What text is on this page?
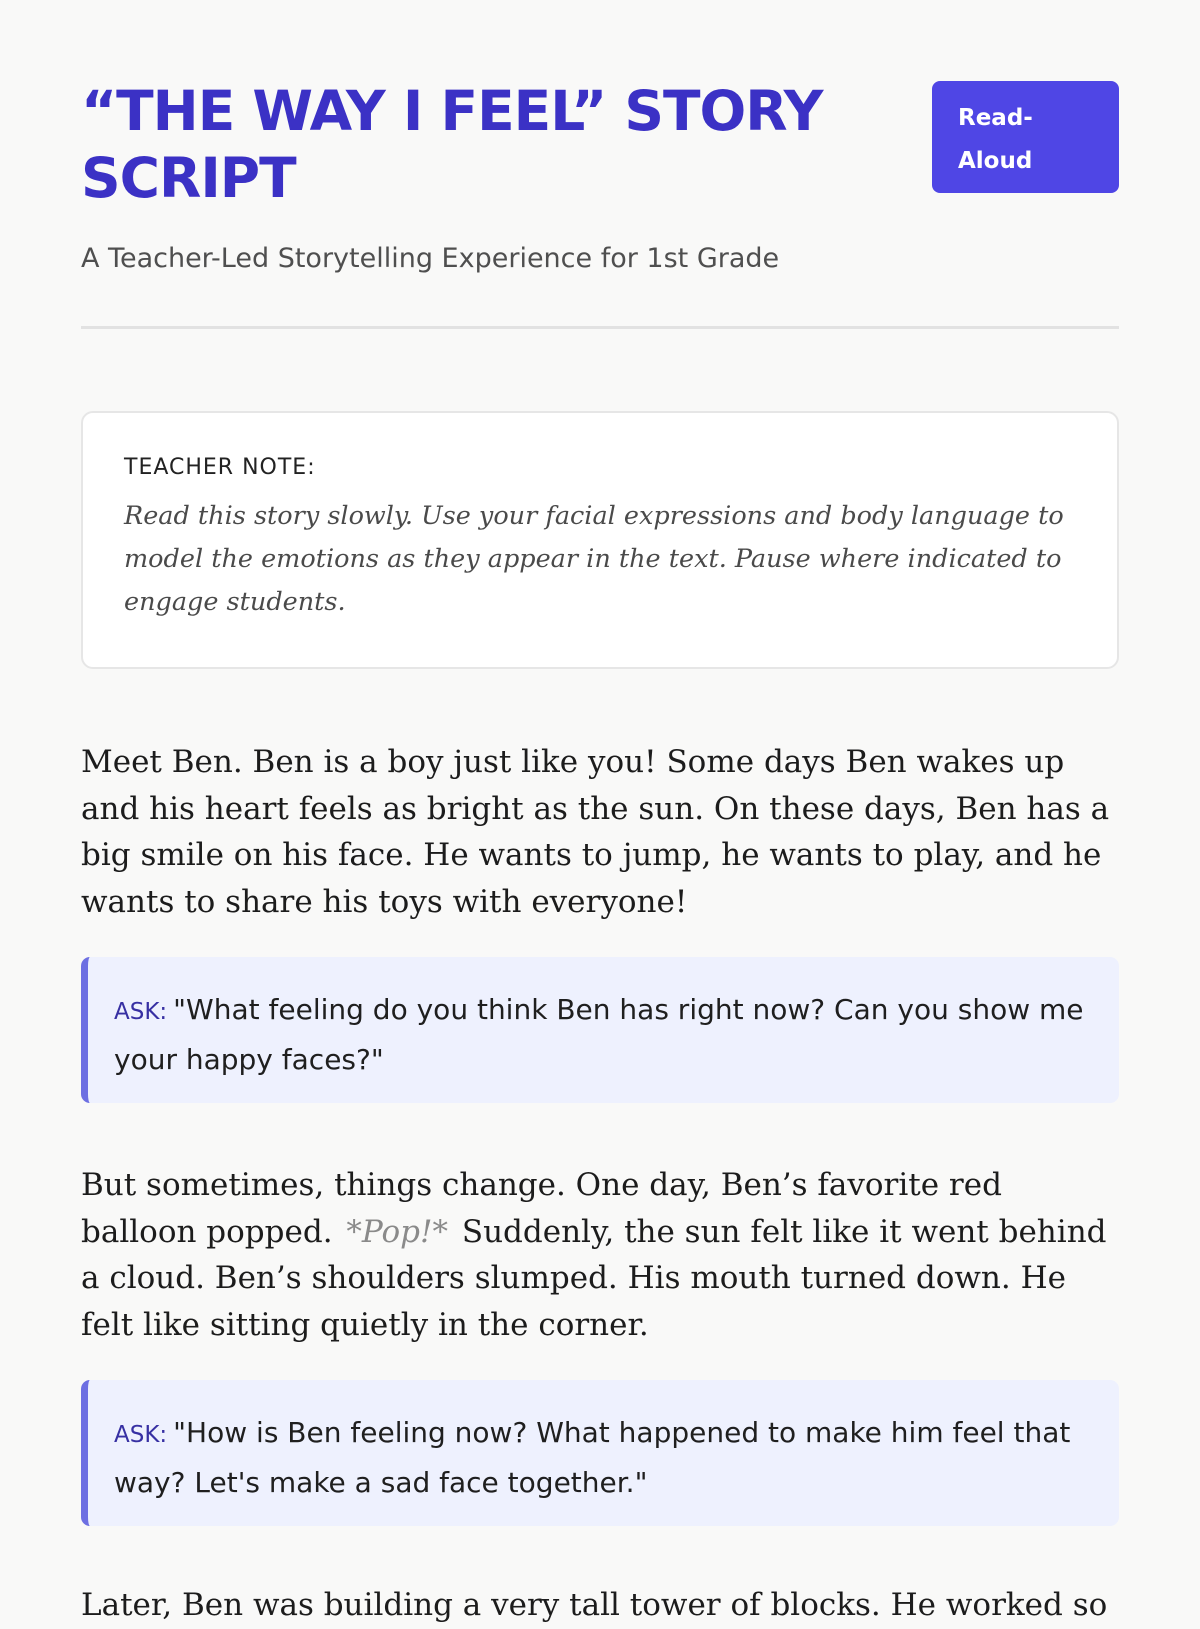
“THE WAY I FEEL” STORY SCRIPT
Read-Aloud

A Teacher-Led Storytelling Experience for 1st Grade

TEACHER NOTE:

Read this story slowly. Use your facial expressions and body language to model the emotions as they appear in the text. Pause where indicated to engage students.

Meet Ben. Ben is a boy just like you! Some days Ben wakes up and his heart feels as bright as the sun. On these days, Ben has a big smile on his face. He wants to jump, he wants to play, and he wants to share his toys with everyone!

ASK: "What feeling do you think Ben has right now? Can you show me your happy faces?"

But sometimes, things change. One day, Ben’s favorite red balloon popped. *Pop!* Suddenly, the sun felt like it went behind a cloud. Ben’s shoulders slumped. His mouth turned down. He felt like sitting quietly in the corner.

ASK: "How is Ben feeling now? What happened to make him feel that way? Let's make a sad face together."

Later, Ben was building a very tall tower of blocks. He worked so
